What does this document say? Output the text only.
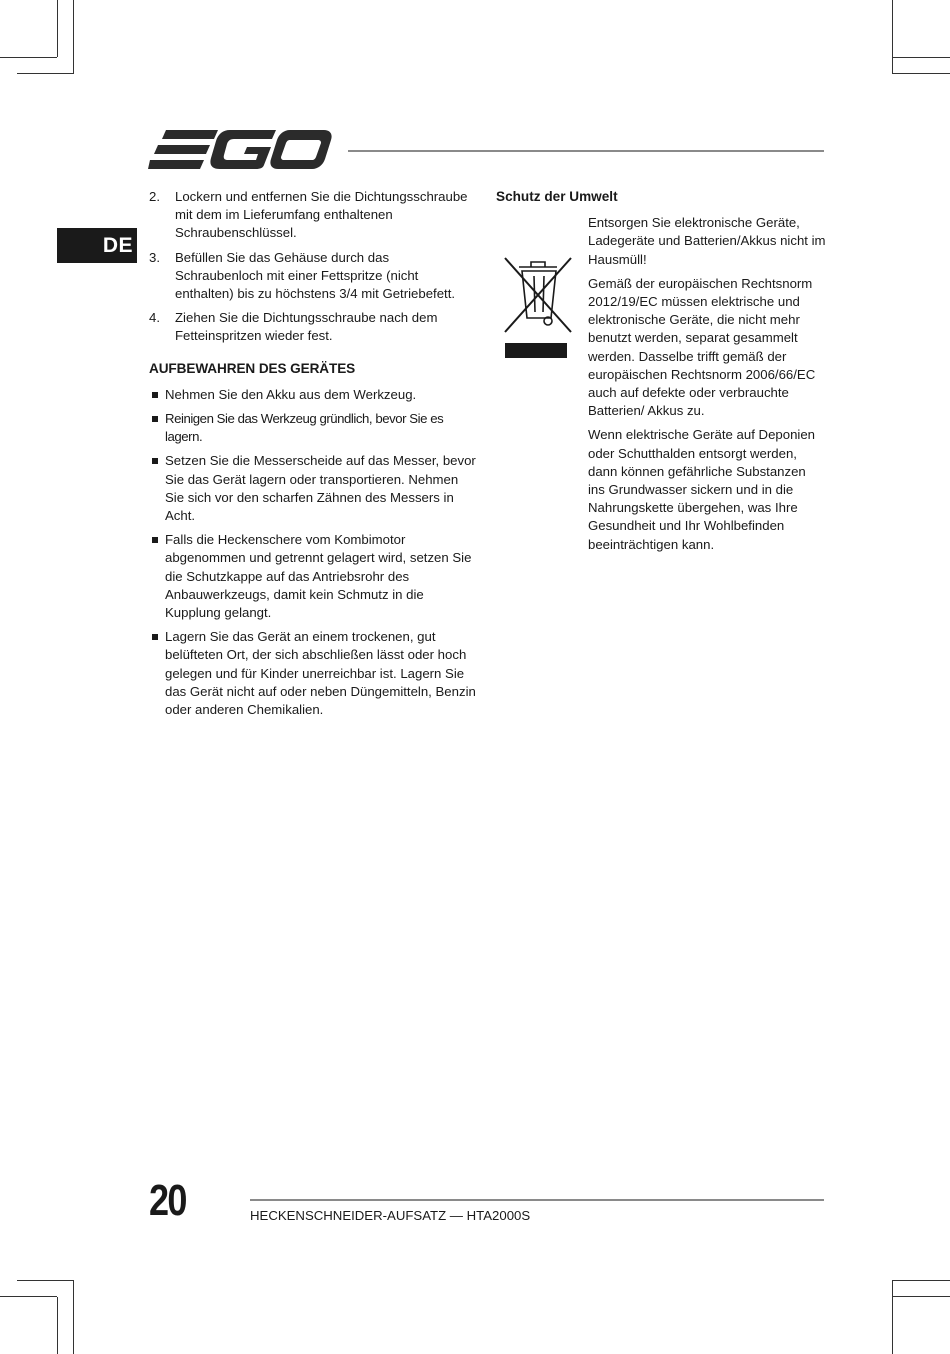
DE
2. Lockern und entfernen Sie die Dichtungsschraube mit dem im Lieferumfang enthaltenen Schraubenschlüssel.
3. Befüllen Sie das Gehäuse durch das Schraubenloch mit einer Fettspritze (nicht enthalten) bis zu höchstens 3/4 mit Getriebefett.
4. Ziehen Sie die Dichtungsschraube nach dem Fetteinspritzen wieder fest.
AUFBEWAHREN DES GERÄTES
Nehmen Sie den Akku aus dem Werkzeug.
Reinigen Sie das Werkzeug gründlich, bevor Sie es lagern.
Setzen Sie die Messerscheide auf das Messer, bevor Sie das Gerät lagern oder transportieren. Nehmen Sie sich vor den scharfen Zähnen des Messers in Acht.
Falls die Heckenschere vom Kombimotor abgenommen und getrennt gelagert wird, setzen Sie die Schutzkappe auf das Antriebsrohr des Anbauwerkzeugs, damit kein Schmutz in die Kupplung gelangt.
Lagern Sie das Gerät an einem trockenen, gut belüfteten Ort, der sich abschließen lässt oder hoch gelegen und für Kinder unerreichbar ist. Lagern Sie das Gerät nicht auf oder neben Düngemitteln, Benzin oder anderen Chemikalien.
Schutz der Umwelt

Entsorgen Sie elektronische Geräte, Ladegeräte und Batterien/Akkus nicht im Hausmüll!

Gemäß der europäischen Rechtsnorm 2012/19/EC müssen elektrische und elektronische Geräte, die nicht mehr benutzt werden, separat gesammelt werden. Dasselbe trifft gemäß der europäischen Rechtsnorm 2006/66/EC auch auf defekte oder verbrauchte Batterien/ Akkus zu.

Wenn elektrische Geräte auf Deponien oder Schutthalden entsorgt werden, dann können gefährliche Substanzen ins Grundwasser sickern und in die Nahrungskette übergehen, was Ihre Gesundheit und Ihr Wohlbefinden beeinträchtigen kann.

20	HECKENSCHNEIDER-AUFSATZ — HTA2000S
